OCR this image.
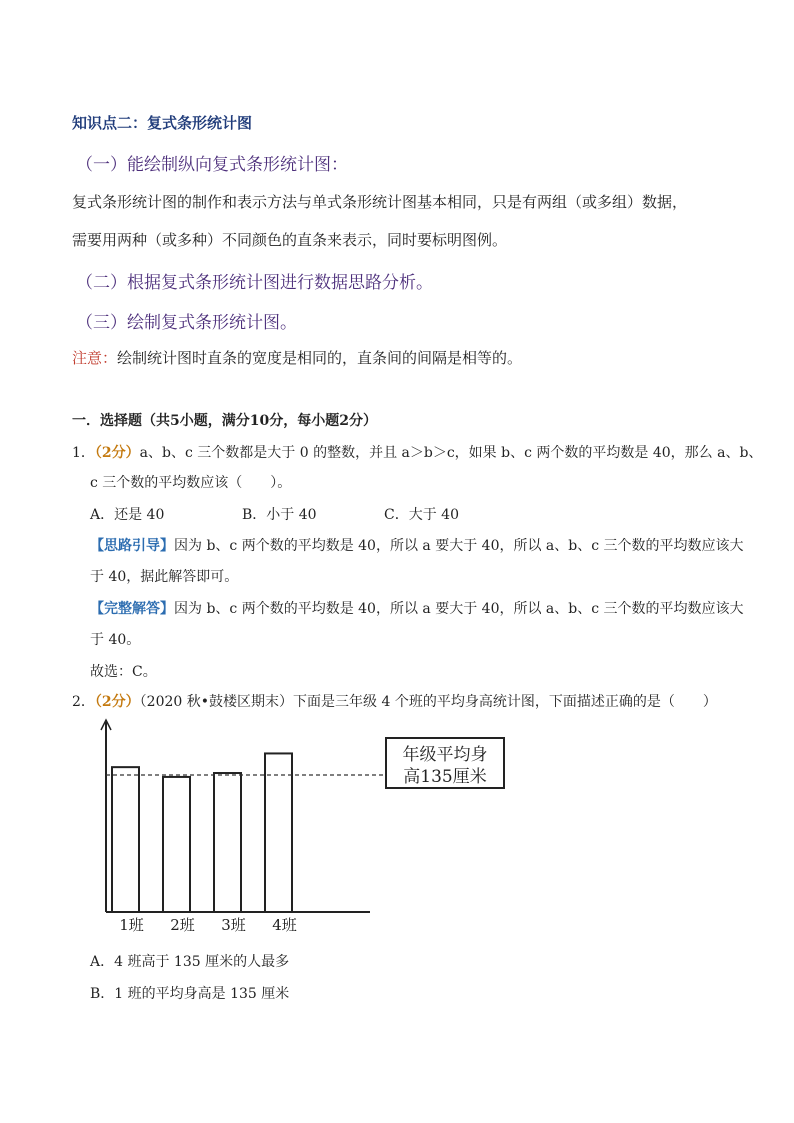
知识点二：复式条形统计图
（一）能绘制纵向复式条形统计图：
复式条形统计图的制作和表示方法与单式条形统计图基本相同，只是有两组（或多组）数据，
需要用两种（或多种）不同颜色的直条来表示，同时要标明图例。
（二）根据复式条形统计图进行数据思路分析。
（三）绘制复式条形统计图。
注意：绘制统计图时直条的宽度是相同的，直条间的间隔是相等的。
一．选择题（共5小题，满分10分，每小题2分）
1．（2分）a、b、c 三个数都是大于 0 的整数，并且 a＞b＞c，如果 b、c 两个数的平均数是 40，那么 a、b、
c 三个数的平均数应该（　　）。
A．还是 40	B．小于 40	C．大于 40
【思路引导】因为 b、c 两个数的平均数是 40，所以 a 要大于 40，所以 a、b、c 三个数的平均数应该大
于 40，据此解答即可。
【完整解答】因为 b、c 两个数的平均数是 40，所以 a 要大于 40，所以 a、b、c 三个数的平均数应该大
于 40。
故选：C。
2．（2分）（2020 秋•鼓楼区期末）下面是三年级 4 个班的平均身高统计图，下面描述正确的是（　　）
1班 2班 3班 4班
年级平均身
高135厘米
A．4 班高于 135 厘米的人最多
B．1 班的平均身高是 135 厘米
